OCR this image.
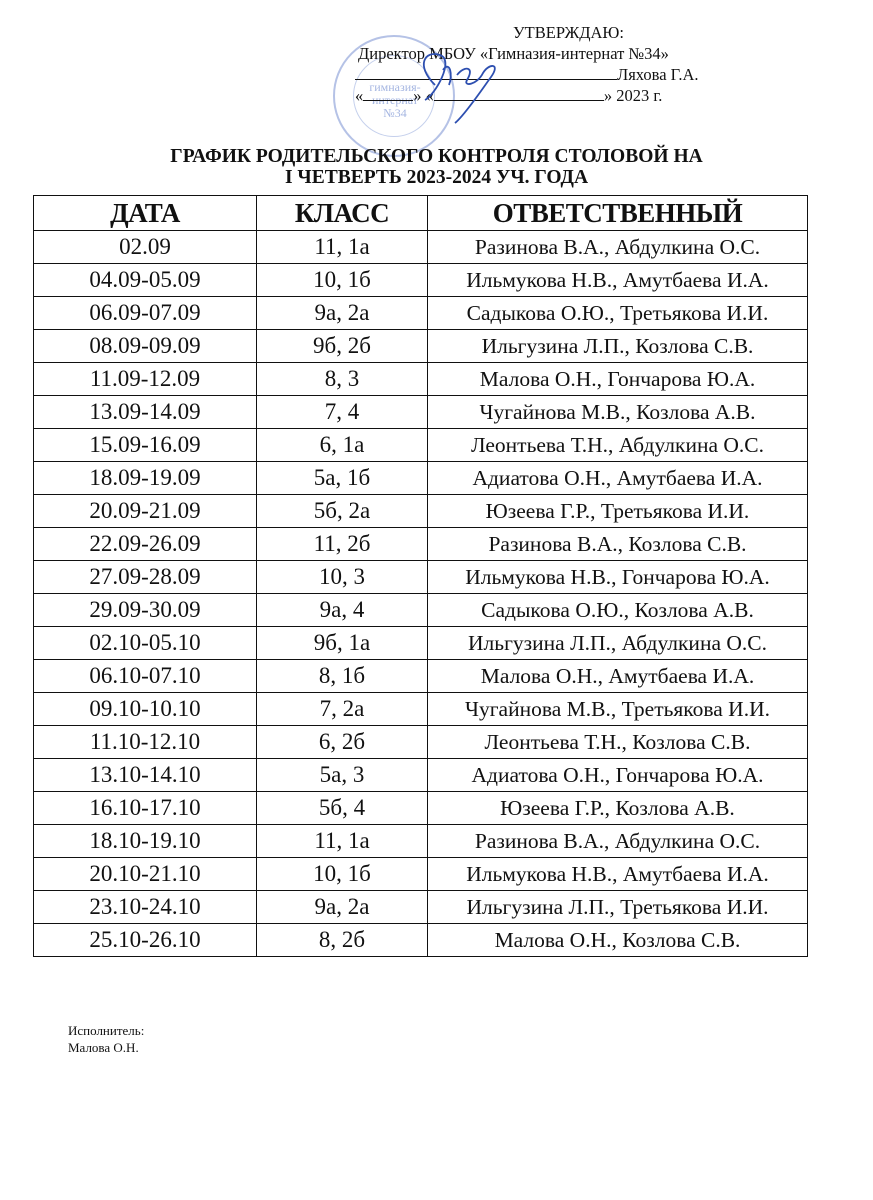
гимназия-
интернат
№34
УТВЕРЖДАЮ:
Директор МБОУ «Гимназия-интернат №34»
Ляхова Г.А.
«	» «	» 2023 г.
ГРАФИК РОДИТЕЛЬСКОГО КОНТРОЛЯ СТОЛОВОЙ НА
I ЧЕТВЕРТЬ 2023-2024 УЧ. ГОДА
ДАТА	КЛАСС	ОТВЕТСТВЕННЫЙ
02.09	11, 1а	Разинова В.А., Абдулкина О.С.
04.09-05.09	10, 1б	Ильмукова Н.В., Амутбаева И.А.
06.09-07.09	9а, 2а	Садыкова О.Ю., Третьякова И.И.
08.09-09.09	9б, 2б	Ильгузина Л.П., Козлова С.В.
11.09-12.09	8, 3	Малова О.Н., Гончарова Ю.А.
13.09-14.09	7, 4	Чугайнова М.В., Козлова А.В.
15.09-16.09	6, 1а	Леонтьева Т.Н., Абдулкина О.С.
18.09-19.09	5а, 1б	Адиатова О.Н., Амутбаева И.А.
20.09-21.09	5б, 2а	Юзеева Г.Р., Третьякова И.И.
22.09-26.09	11, 2б	Разинова В.А., Козлова С.В.
27.09-28.09	10, 3	Ильмукова Н.В., Гончарова Ю.А.
29.09-30.09	9а, 4	Садыкова О.Ю., Козлова А.В.
02.10-05.10	9б, 1а	Ильгузина Л.П., Абдулкина О.С.
06.10-07.10	8, 1б	Малова О.Н., Амутбаева И.А.
09.10-10.10	7, 2а	Чугайнова М.В., Третьякова И.И.
11.10-12.10	6, 2б	Леонтьева Т.Н., Козлова С.В.
13.10-14.10	5а, 3	Адиатова О.Н., Гончарова Ю.А.
16.10-17.10	5б, 4	Юзеева Г.Р., Козлова А.В.
18.10-19.10	11, 1а	Разинова В.А., Абдулкина О.С.
20.10-21.10	10, 1б	Ильмукова Н.В., Амутбаева И.А.
23.10-24.10	9а, 2а	Ильгузина Л.П., Третьякова И.И.
25.10-26.10	8, 2б	Малова О.Н., Козлова С.В.
Исполнитель:
Малова О.Н.
